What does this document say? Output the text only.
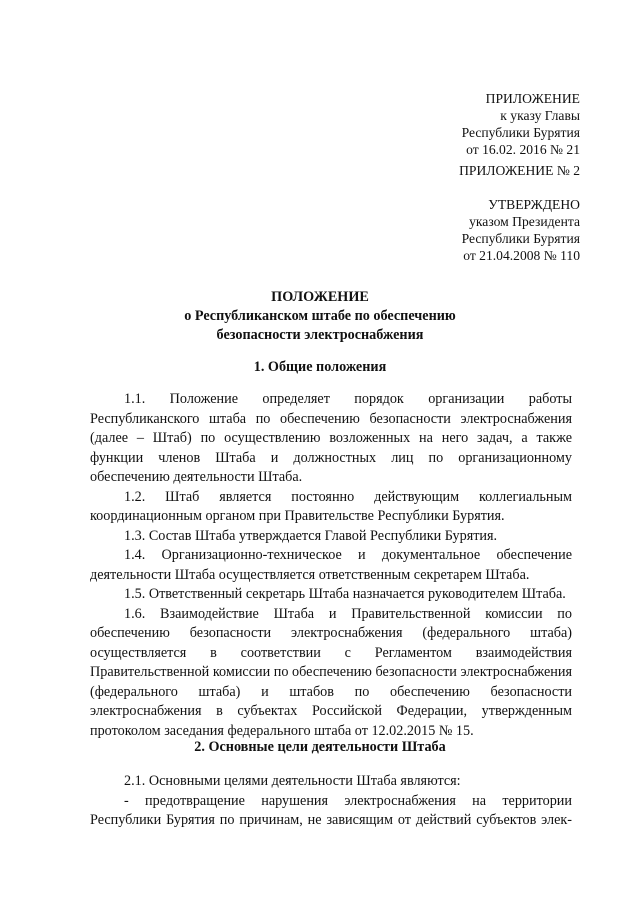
ПРИЛОЖЕНИЕ
к указу Главы
Республики Бурятия
от 16.02. 2016 № 21
ПРИЛОЖЕНИЕ № 2
УТВЕРЖДЕНО
указом Президента
Республики Бурятия
от 21.04.2008 № 110
ПОЛОЖЕНИЕ
о Республиканском штабе по обеспечению
безопасности электроснабжения
1. Общие положения

1.1. Положение определяет порядок организации работы Республиканского штаба по обеспечению безопасности электроснабжения (далее – Штаб) по осуществлению возложенных на него задач, а также функции членов Штаба и должностных лиц по организационному обеспечению деятельности Штаба.

1.2. Штаб является постоянно действующим коллегиальным координационным органом при Правительстве Республики Бурятия.

1.3. Состав Штаба утверждается Главой Республики Бурятия.

1.4. Организационно-техническое и документальное обеспечение деятельности Штаба осуществляется ответственным секретарем Штаба.

1.5. Ответственный секретарь Штаба назначается руководителем Штаба.

1.6. Взаимодействие Штаба и Правительственной комиссии по обеспечению безопасности электроснабжения (федерального штаба) осуществляется в соответствии с Регламентом взаимодействия Правительственной комиссии по обеспечению безопасности электроснабжения (федерального штаба) и штабов по обеспечению безопасности электроснабжения в субъектах Российской Федерации, утвержденным протоколом заседания федерального штаба от 12.02.2015 № 15.

2. Основные цели деятельности Штаба

2.1. Основными целями деятельности Штаба являются:

- предотвращение нарушения электроснабжения на территории Республики Бурятия по причинам, не зависящим от действий субъектов элек-
